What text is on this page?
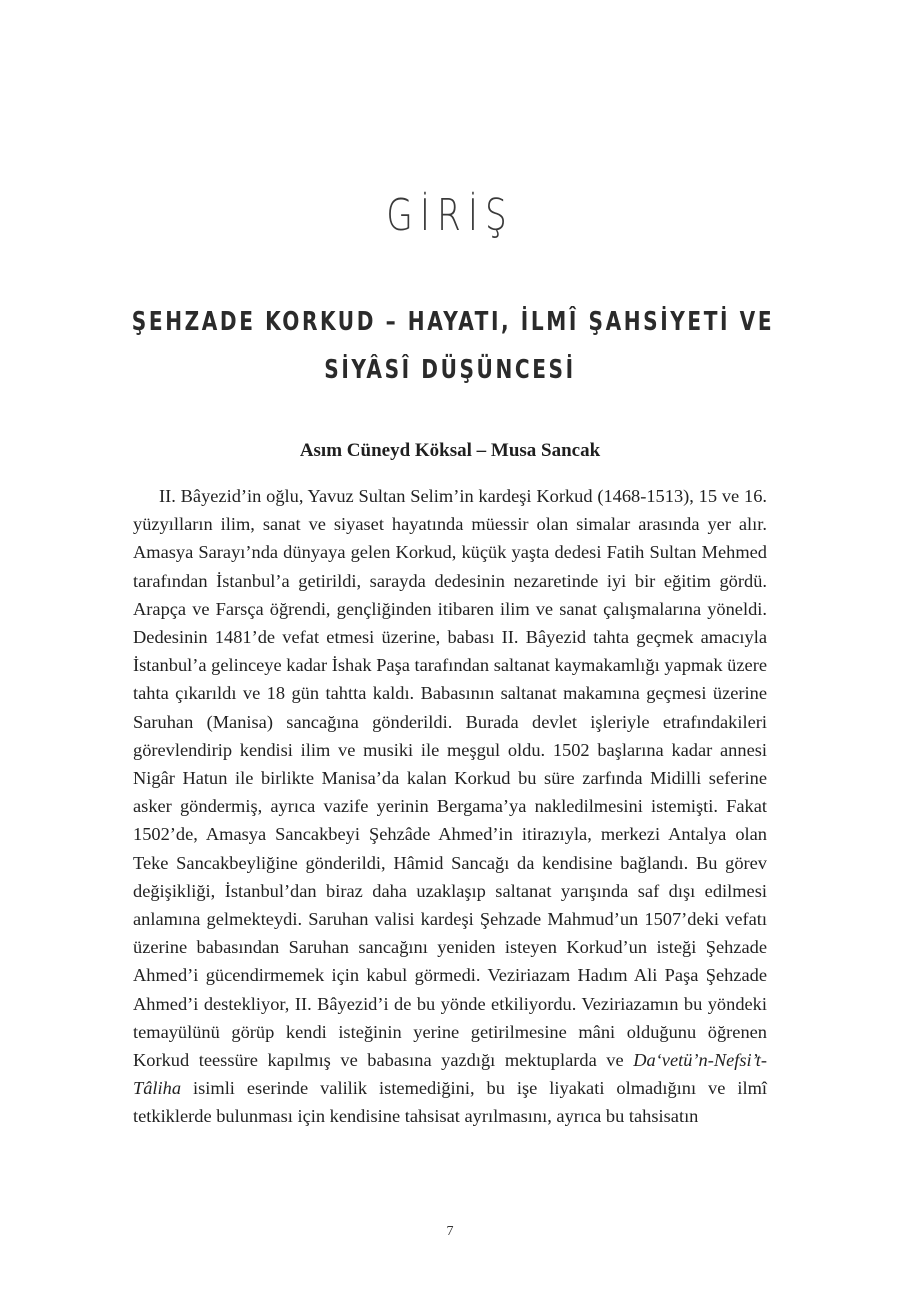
GİRİŞ
ŞEHZADE KORKUD – HAYATI, İLMÎ ŞAHSİYETİ VE
SİYÂSÎ DÜŞÜNCESİ
Asım Cüneyd Köksal – Musa Sancak

II. Bâyezid’in oğlu, Yavuz Sultan Selim’in kardeşi Korkud (1468-1513), 15 ve 16. yüzyılların ilim, sanat ve siyaset hayatında müessir olan simalar arasında yer alır. Amasya Sarayı’nda dünyaya gelen Korkud, küçük yaşta dedesi Fatih Sultan Mehmed tarafından İstanbul’a getirildi, sarayda dedesinin nezaretinde iyi bir eğitim gördü. Arapça ve Farsça öğrendi, gençliğinden itibaren ilim ve sanat çalışmalarına yöneldi. Dedesinin 1481’de vefat etmesi üzerine, babası II. Bâyezid tahta geçmek amacıyla İstanbul’a gelinceye kadar İshak Paşa tarafından saltanat kaymakamlığı yapmak üzere tahta çıkarıldı ve 18 gün tahtta kaldı. Babasının saltanat makamına geçmesi üzerine Saruhan (Manisa) sancağına gönderildi. Burada devlet işleriyle etrafındakileri görevlendirip kendisi ilim ve musiki ile meşgul oldu. 1502 başlarına kadar annesi Nigâr Hatun ile birlikte Manisa’da kalan Korkud bu süre zarfında Midilli seferine asker göndermiş, ayrıca vazife yerinin Bergama’ya nakledilmesini istemişti. Fakat 1502’de, Amasya Sancakbeyi Şehzâde Ahmed’in itirazıyla, merkezi Antalya olan Teke Sancakbeyliğine gönderildi, Hâmid Sancağı da kendisine bağlandı. Bu görev değişikliği, İstanbul’dan biraz daha uzaklaşıp saltanat yarışında saf dışı edilmesi anlamına gelmekteydi. Saruhan valisi kardeşi Şehzade Mahmud’un 1507’deki vefatı üzerine babasından Saruhan sancağını yeniden isteyen Korkud’un isteği Şehzade Ahmed’i gücendirmemek için kabul görmedi. Veziriazam Hadım Ali Paşa Şehzade Ahmed’i destekliyor, II. Bâyezid’i de bu yönde etkiliyordu. Veziriazamın bu yöndeki temayülünü görüp kendi isteğinin yerine getirilmesine mâni olduğunu öğrenen Korkud teessüre kapılmış ve babasına yazdığı mektuplarda ve Da‘vetü’n-Nefsi’t-Tâliha isimli eserinde valilik istemediğini, bu işe liyakati olmadığını ve ilmî tetkiklerde bulunması için kendisine tahsisat ayrılmasını, ayrıca bu tahsisatın

7
